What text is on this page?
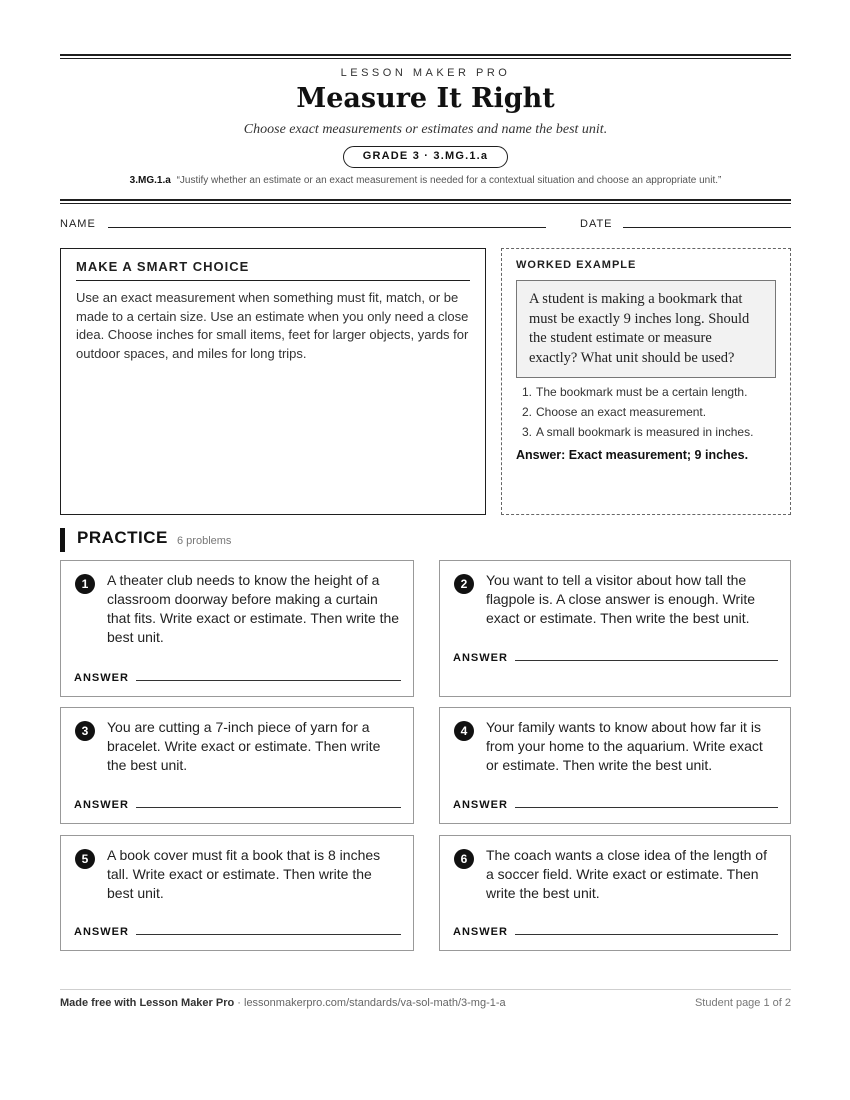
LESSON MAKER PRO
Measure It Right
Choose exact measurements or estimates and name the best unit.
GRADE 3 · 3.MG.1.a
3.MG.1.a “Justify whether an estimate or an exact measurement is needed for a contextual situation and choose an appropriate unit.”
NAME	DATE
MAKE A SMART CHOICE

Use an exact measurement when something must fit, match, or be made to a certain size. Use an estimate when you only need a close idea. Choose inches for small items, feet for larger objects, yards for outdoor spaces, and miles for long trips.

WORKED EXAMPLE
A student is making a bookmark that must be exactly 9 inches long. Should the student estimate or measure exactly? What unit should be used?
1. The bookmark must be a certain length.
2. Choose an exact measurement.
3. A small bookmark is measured in inches.
Answer: Exact measurement; 9 inches.
PRACTICE 6 problems
1	A theater club needs to know the height of a classroom doorway before making a curtain that fits. Write exact or estimate. Then write the best unit.
ANSWER
2	You want to tell a visitor about how tall the flagpole is. A close answer is enough. Write exact or estimate. Then write the best unit.
ANSWER
3	You are cutting a 7-inch piece of yarn for a bracelet. Write exact or estimate. Then write the best unit.
ANSWER
4	Your family wants to know about how far it is from your home to the aquarium. Write exact or estimate. Then write the best unit.
ANSWER
5	A book cover must fit a book that is 8 inches tall. Write exact or estimate. Then write the best unit.
ANSWER
6	The coach wants a close idea of the length of a soccer field. Write exact or estimate. Then write the best unit.
ANSWER
Made free with Lesson Maker Pro · lessonmakerpro.com/standards/va-sol-math/3-mg-1-a	Student page 1 of 2
